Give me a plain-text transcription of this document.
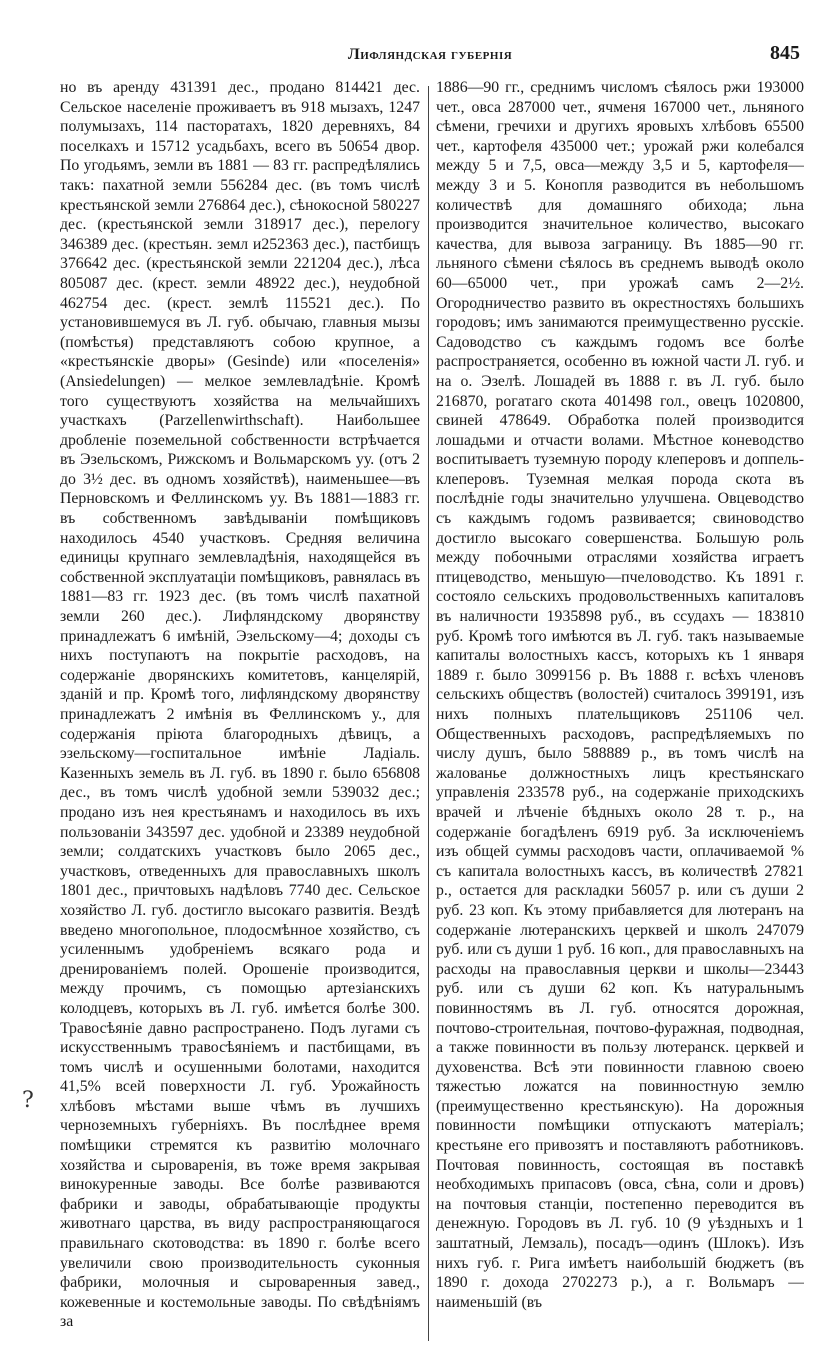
Лифляндская губернія	845
но въ аренду 431391 дес., продано 814421 дес. Сельское населеніе проживаетъ въ 918 мызахъ, 1247 полумызахъ, 114 пасторатахъ, 1820 деревняхъ, 84 поселкахъ и 15712 усадьбахъ, всего въ 50654 двор. По угодьямъ, земли въ 1881 — 83 гг. распредѣлялись такъ: пахатной земли 556284 дес. (въ томъ числѣ крестьянской земли 276864 дес.), сѣнокосной 580227 дес. (крестьянской земли 318917 дес.), перелогу 346389 дес. (крестьян. земл и252363 дес.), пастбищъ 376642 дес. (крестьянской земли 221204 дес.), лѣса 805087 дес. (крест. земли 48922 дес.), неудобной 462754 дес. (крест. землѣ 115521 дес.). По установившемуся въ Л. губ. обычаю, главныя мызы (помѣстья) представляютъ собою крупное, а «крестьянскіе дворы» (Gesinde) или «поселенія» (Ansiedelungen) — мелкое землевладѣніе. Кромѣ того существуютъ хозяйства на мельчайшихъ участкахъ (Parzellenwirthschaft). Наибольшее дробленіе поземельной собственности встрѣчается въ Эзельскомъ, Рижскомъ и Вольмарскомъ уу. (отъ 2 до 3½ дес. въ одномъ хозяйствѣ), наименьшее—въ Перновскомъ и Феллинскомъ уу. Въ 1881—1883 гг. въ собственномъ завѣдываніи помѣщиковъ находилось 4540 участковъ. Средняя величина единицы крупнаго землевладѣнія, находящейся въ собственной эксплуатаціи помѣщиковъ, равнялась въ 1881—83 гг. 1923 дес. (въ томъ числѣ пахатной земли 260 дес.). Лифляндскому дворянству принадлежатъ 6 имѣній, Эзельскому—4; доходы съ нихъ поступаютъ на покрытіе расходовъ, на содержаніе дворянскихъ комитетовъ, канцелярій, зданій и пр. Кромѣ того, лифляндскому дворянству принадлежатъ 2 имѣнія въ Феллинскомъ у., для содержанія пріюта благородныхъ дѣвицъ, а эзельскому—госпитальное имѣніе Ладіаль. Казенныхъ земель въ Л. губ. въ 1890 г. было 656808 дес., въ томъ числѣ удобной земли 539032 дес.; продано изъ нея крестьянамъ и находилось въ ихъ пользованіи 343597 дес. удобной и 23389 неудобной земли; солдатскихъ участковъ было 2065 дес., участковъ, отведенныхъ для православныхъ школъ 1801 дес., причтовыхъ надѣловъ 7740 дес. Сельское хозяйство Л. губ. достигло высокаго развитія. Вездѣ введено многопольное, плодосмѣнное хозяйство, съ усиленнымъ удобреніемъ всякаго рода и дренированіемъ полей. Орошеніе производится, между прочимъ, съ помощью артезіанскихъ колодцевъ, которыхъ въ Л. губ. имѣется болѣе 300. Травосѣяніе давно распространено. Подъ лугами съ искусственнымъ травосѣяніемъ и пастбищами, въ томъ числѣ и осушенными болотами, находится 41,5% всей поверхности Л. губ. Урожайность хлѣбовъ мѣстами выше чѣмъ въ лучшихъ черноземныхъ губерніяхъ. Въ послѣднее время помѣщики стремятся къ развитію молочнаго хозяйства и сыроваренія, въ тоже время закрывая винокуренные заводы. Все болѣе развиваются фабрики и заводы, обрабатывающіе продукты животнаго царства, въ виду распространяющагося правильнаго скотоводства: въ 1890 г. болѣе всего увеличили свою производительность суконныя фабрики, молочныя и сыроваренныя завед., кожевенные и костемольные заводы. По свѣдѣніямъ за
1886—90 гг., среднимъ числомъ сѣялось ржи 193000 чет., овса 287000 чет., ячменя 167000 чет., льняного сѣмени, гречихи и другихъ яровыхъ хлѣбовъ 65500 чет., картофеля 435000 чет.; урожай ржи колебался между 5 и 7,5, овса—между 3,5 и 5, картофеля—между 3 и 5. Конопля разводится въ небольшомъ количествѣ для домашняго обихода; льна производится значительное количество, высокаго качества, для вывоза заграницу. Въ 1885—90 гг. льняного сѣмени сѣялось въ среднемъ выводѣ около 60—65000 чет., при урожаѣ самъ 2—2½. Огородничество развито въ окрестностяхъ большихъ городовъ; имъ занимаются преимущественно русскіе. Садоводство съ каждымъ годомъ все болѣе распространяется, особенно въ южной части Л. губ. и на о. Эзелѣ. Лошадей въ 1888 г. въ Л. губ. было 216870, рогатаго скота 401498 гол., овецъ 1020800, свиней 478649. Обработка полей производится лошадьми и отчасти волами. Мѣстное коневодство воспитываетъ туземную породу клеперовъ и доппель-клеперовъ. Туземная мелкая порода скота въ послѣдніе годы значительно улучшена. Овцеводство съ каждымъ годомъ развивается; свиноводство достигло высокаго совершенства. Большую роль между побочными отраслями хозяйства играетъ птицеводство, меньшую—пчеловодство. Къ 1891 г. состояло сельскихъ продовольственныхъ капиталовъ въ наличности 1935898 руб., въ ссудахъ — 183810 руб. Кромѣ того имѣются въ Л. губ. такъ называемые капиталы волостныхъ кассъ, которыхъ къ 1 января 1889 г. было 3099156 р. Въ 1888 г. всѣхъ членовъ сельскихъ обществъ (волостей) считалось 399191, изъ нихъ полныхъ плательщиковъ 251106 чел. Общественныхъ расходовъ, распредѣляемыхъ по числу душъ, было 588889 р., въ томъ числѣ на жалованье должностныхъ лицъ крестьянскаго управленія 233578 руб., на содержаніе приходскихъ врачей и лѣченіе бѣдныхъ около 28 т. р., на содержаніе богадѣленъ 6919 руб. За исключеніемъ изъ общей суммы расходовъ части, оплачиваемой % съ капитала волостныхъ кассъ, въ количествѣ 27821 р., остается для раскладки 56057 р. или съ души 2 руб. 23 коп. Къ этому прибавляется для лютеранъ на содержаніе лютеранскихъ церквей и школъ 247079 руб. или съ души 1 руб. 16 коп., для православныхъ на расходы на православныя церкви и школы—23443 руб. или съ души 62 коп. Къ натуральнымъ повинностямъ въ Л. губ. относятся дорожная, почтово-строительная, почтово-фуражная, подводная, а также повинности въ пользу лютеранск. церквей и духовенства. Всѣ эти повинности главною своею тяжестью ложатся на повинностную землю (преимущественно крестьянскую). На дорожныя повинности помѣщики отпускаютъ матеріалъ; крестьяне его привозятъ и поставляютъ работниковъ. Почтовая повинность, состоящая въ поставкѣ необходимыхъ припасовъ (овса, сѣна, соли и дровъ) на почтовыя станціи, постепенно переводится въ денежную. Городовъ въ Л. губ. 10 (9 уѣздныхъ и 1 заштатный, Лемзаль), посадъ—одинъ (Шлокъ). Изъ нихъ губ. г. Рига имѣетъ наибольшій бюджетъ (въ 1890 г. дохода 2702273 р.), а г. Вольмаръ — наименьшій (въ
?
